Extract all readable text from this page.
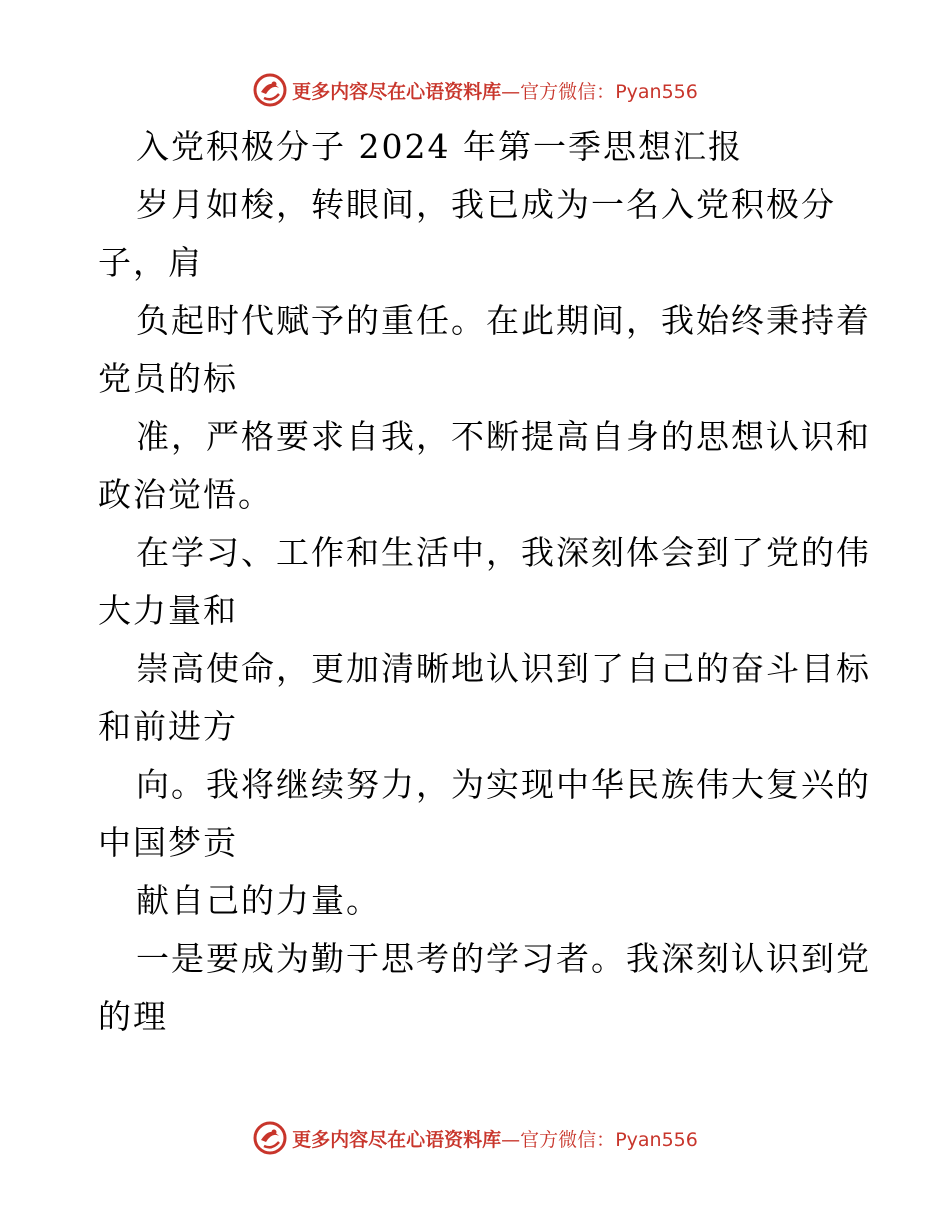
更多内容尽在心语资料库—官方微信：Pyan556
入党积极分子 2024 年第一季思想汇报
岁月如梭，转眼间，我已成为一名入党积极分
子，肩
负起时代赋予的重任。在此期间，我始终秉持着
党员的标
准，严格要求自我，不断提高自身的思想认识和
政治觉悟。
在学习、工作和生活中，我深刻体会到了党的伟
大力量和
崇高使命，更加清晰地认识到了自己的奋斗目标
和前进方
向。我将继续努力，为实现中华民族伟大复兴的
中国梦贡
献自己的力量。
一是要成为勤于思考的学习者。我深刻认识到党
的理
更多内容尽在心语资料库—官方微信：Pyan556
